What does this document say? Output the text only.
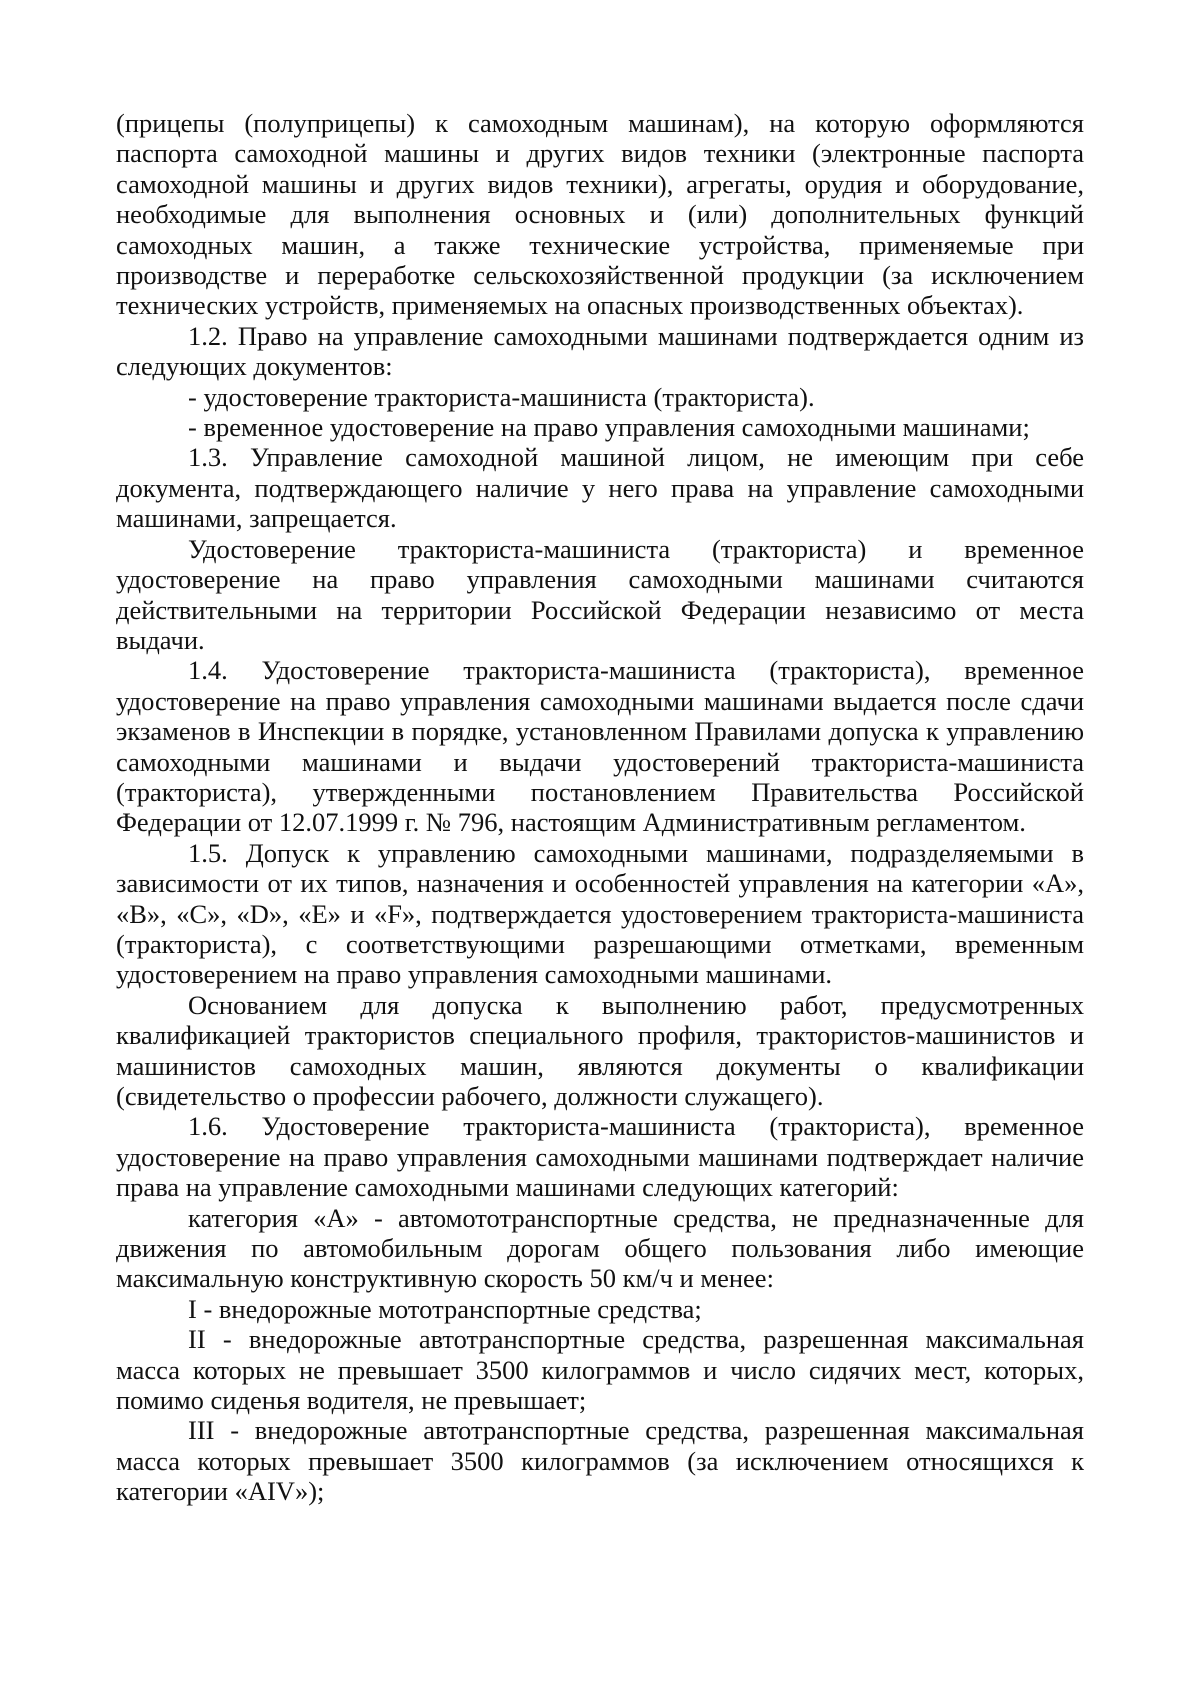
(прицепы (полуприцепы) к самоходным машинам), на которую оформляются паспорта самоходной машины и других видов техники (электронные паспорта самоходной машины и других видов техники), агрегаты, орудия и оборудование, необходимые для выполнения основных и (или) дополнительных функций самоходных машин, а также технические устройства, применяемые при производстве и переработке сельскохозяйственной продукции (за исключением технических устройств, применяемых на опасных производственных объектах).

1.2. Право на управление самоходными машинами подтверждается одним из следующих документов:

- удостоверение тракториста-машиниста (тракториста).

- временное удостоверение на право управления самоходными машинами;

1.3. Управление самоходной машиной лицом, не имеющим при себе документа, подтверждающего наличие у него права на управление самоходными машинами, запрещается.

Удостоверение тракториста-машиниста (тракториста) и временное удостоверение на право управления самоходными машинами считаются действительными на территории Российской Федерации независимо от места выдачи.

1.4. Удостоверение тракториста-машиниста (тракториста), временное удостоверение на право управления самоходными машинами выдается после сдачи экзаменов в Инспекции в порядке, установленном Правилами допуска к управлению самоходными машинами и выдачи удостоверений тракториста-машиниста (тракториста), утвержденными постановлением Правительства Российской Федерации от 12.07.1999 г. № 796, настоящим Административным регламентом.

1.5. Допуск к управлению самоходными машинами, подразделяемыми в зависимости от их типов, назначения и особенностей управления на категории «А», «B», «C», «D», «E» и «F», подтверждается удостоверением тракториста-машиниста (тракториста), с соответствующими разрешающими отметками, временным удостоверением на право управления самоходными машинами.

Основанием для допуска к выполнению работ, предусмотренных квалификацией трактористов специального профиля, трактористов-машинистов и машинистов самоходных машин, являются документы о квалификации (свидетельство о профессии рабочего, должности служащего).

1.6. Удостоверение тракториста-машиниста (тракториста), временное удостоверение на право управления самоходными машинами подтверждает наличие права на управление самоходными машинами следующих категорий:

категория «A» - автомототранспортные средства, не предназначенные для движения по автомобильным дорогам общего пользования либо имеющие максимальную конструктивную скорость 50 км/ч и менее:

I - внедорожные мототранспортные средства;

II - внедорожные автотранспортные средства, разрешенная максимальная масса которых не превышает 3500 килограммов и число сидячих мест, которых, помимо сиденья водителя, не превышает;

III - внедорожные автотранспортные средства, разрешенная максимальная масса которых превышает 3500 килограммов (за исключением относящихся к категории «AIV»);
